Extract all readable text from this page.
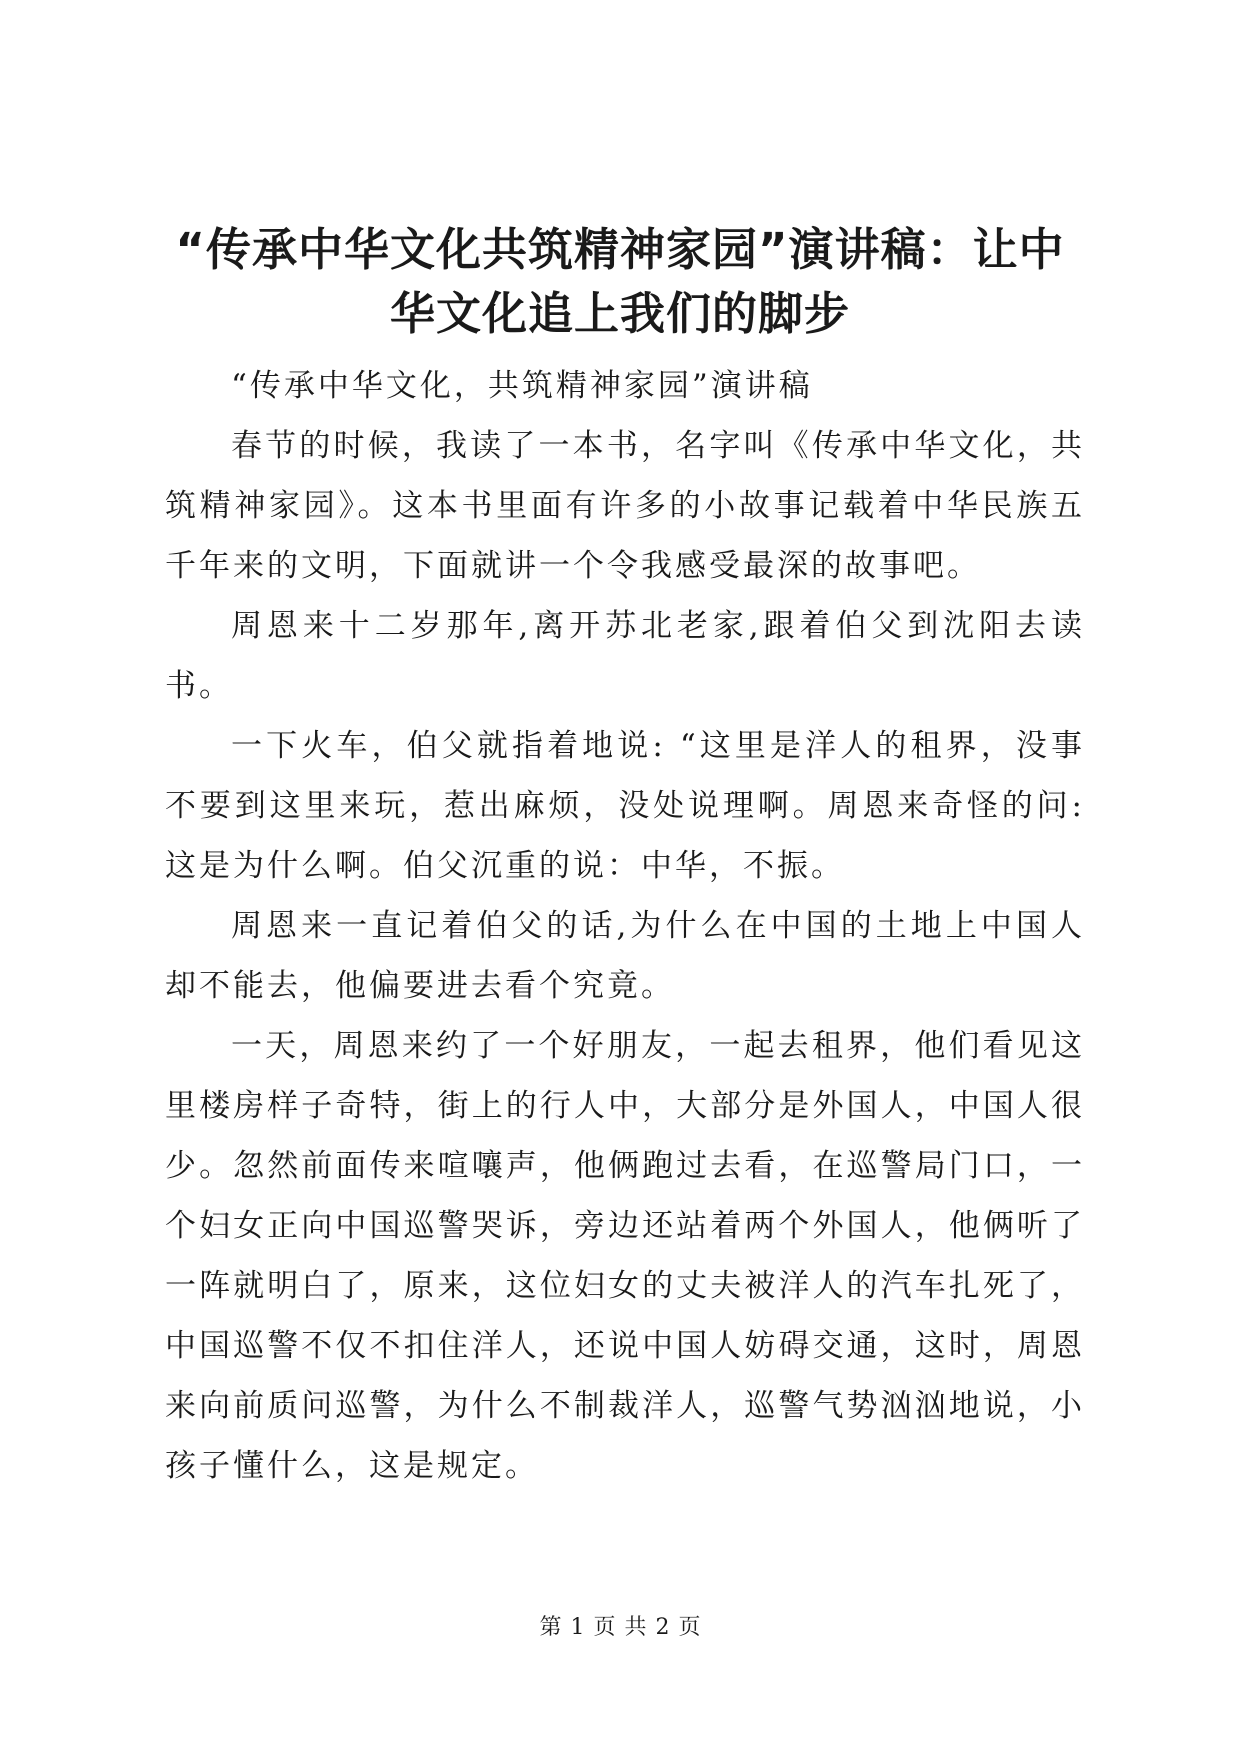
“传承中华文化共筑精神家园”演讲稿：让中华文化追上我们的脚步

“传承中华文化，共筑精神家园”演讲稿

春节的时候，我读了一本书，名字叫《传承中华文化，共筑精神家园》。这本书里面有许多的小故事记载着中华民族五千年来的文明，下面就讲一个令我感受最深的故事吧。

周恩来十二岁那年,离开苏北老家,跟着伯父到沈阳去读书。

一下火车，伯父就指着地说: “这里是洋人的租界，没事不要到这里来玩，惹出麻烦，没处说理啊。周恩来奇怪的问: 这是为什么啊。伯父沉重的说：中华，不振。

周恩来一直记着伯父的话,为什么在中国的土地上中国人却不能去，他偏要进去看个究竟。

一天，周恩来约了一个好朋友，一起去租界，他们看见这里楼房样子奇特，街上的行人中，大部分是外国人，中国人很少。忽然前面传来喧嚷声，他俩跑过去看，在巡警局门口，一个妇女正向中国巡警哭诉，旁边还站着两个外国人，他俩听了一阵就明白了，原来，这位妇女的丈夫被洋人的汽车扎死了，中国巡警不仅不扣住洋人，还说中国人妨碍交通，这时，周恩来向前质问巡警，为什么不制裁洋人，巡警气势汹汹地说，小孩子懂什么，这是规定。

第 1 页 共 2 页
